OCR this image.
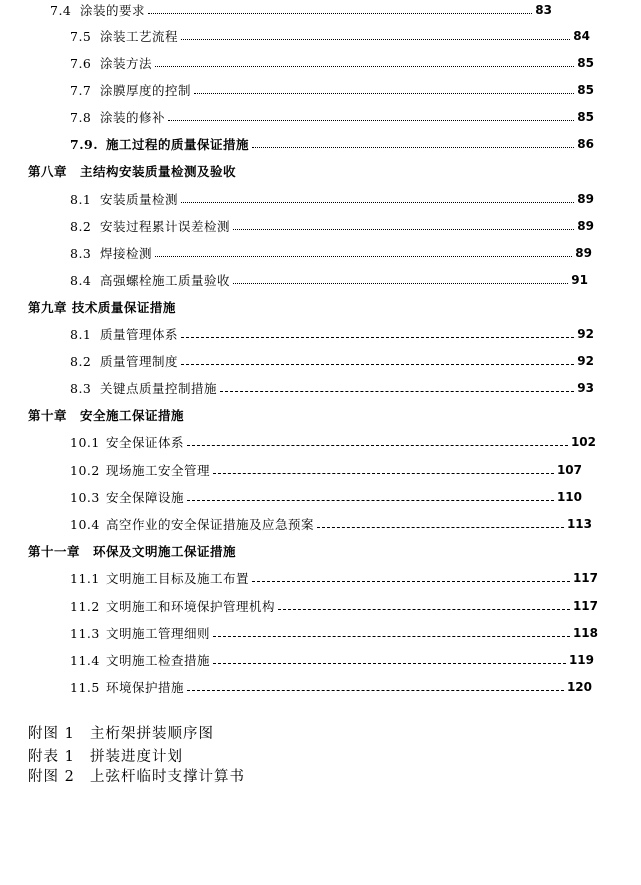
7.4 涂装的要求	83
7.5 涂装工艺流程	84
7.6 涂装方法	85
7.7 涂膜厚度的控制	85
7.8 涂装的修补	85
7.9. 施工过程的质量保证措施	86
第八章　主结构安装质量检测及验收
8.1 安装质量检测	89
8.2 安装过程累计误差检测	89
8.3 焊接检测	89
8.4 高强螺栓施工质量验收	91
第九章 技术质量保证措施
8.1 质量管理体系	92
8.2 质量管理制度	92
8.3 关键点质量控制措施	93
第十章　安全施工保证措施
10.1 安全保证体系	102
10.2 现场施工安全管理	107
10.3 安全保障设施	110
10.4 高空作业的安全保证措施及应急预案	113
第十一章　环保及文明施工保证措施
11.1 文明施工目标及施工布置	117
11.2 文明施工和环境保护管理机构	117
11.3 文明施工管理细则	118
11.4 文明施工检查措施	119
11.5 环境保护措施	120
附图 1	主桁架拼装顺序图
附表 1	拼装进度计划
附图 2	上弦杆临时支撑计算书
